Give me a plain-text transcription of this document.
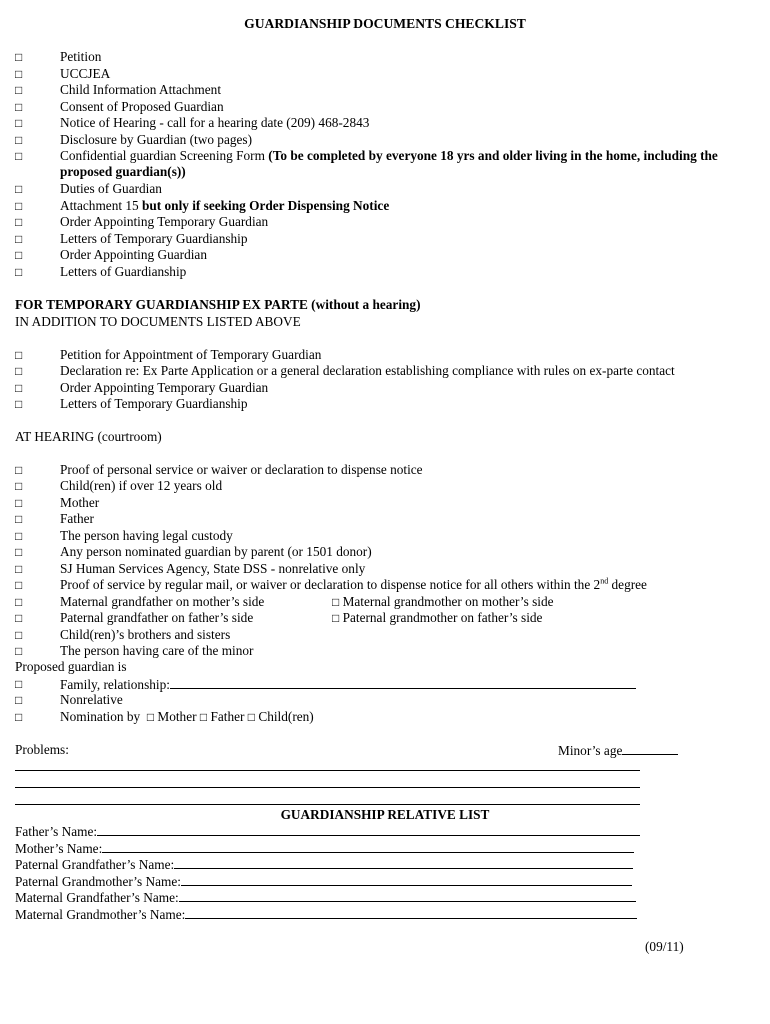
GUARDIANSHIP DOCUMENTS CHECKLIST
□	Petition
□	UCCJEA
□	Child Information Attachment
□	Consent of Proposed Guardian
□	Notice of Hearing - call for a hearing date (209) 468-2843
□	Disclosure by Guardian (two pages)
□	Confidential guardian Screening Form (To be completed by everyone 18 yrs and older living in the home, including the proposed guardian(s))
□	Duties of Guardian
□	Attachment 15 but only if seeking Order Dispensing Notice
□	Order Appointing Temporary Guardian
□	Letters of Temporary Guardianship
□	Order Appointing Guardian
□	Letters of Guardianship
FOR TEMPORARY GUARDIANSHIP EX PARTE (without a hearing)
IN ADDITION TO DOCUMENTS LISTED ABOVE
□	Petition for Appointment of Temporary Guardian
□	Declaration re: Ex Parte Application or a general declaration establishing compliance with rules on ex-parte contact
□	Order Appointing Temporary Guardian
□	Letters of Temporary Guardianship
AT HEARING (courtroom)
□	Proof of personal service or waiver or declaration to dispense notice
□	Child(ren) if over 12 years old
□	Mother
□	Father
□	The person having legal custody
□	Any person nominated guardian by parent (or 1501 donor)
□	SJ Human Services Agency, State DSS - nonrelative only
□	Proof of service by regular mail, or waiver or declaration to dispense notice for all others within the 2nd degree
□	Maternal grandfather on mother’s side	□ Maternal grandmother on mother’s side
□	Paternal grandfather on father’s side	□ Paternal grandmother on father’s side
□	Child(ren)’s brothers and sisters
□	The person having care of the minor
Proposed guardian is
□	Family, relationship:
□	Nonrelative
□	Nomination by □ Mother □ Father □ Child(ren)
Problems:	Minor’s age
GUARDIANSHIP RELATIVE LIST
Father’s Name:
Mother’s Name:
Paternal Grandfather’s Name:
Paternal Grandmother’s Name:
Maternal Grandfather’s Name:
Maternal Grandmother’s Name:
(09/11)
